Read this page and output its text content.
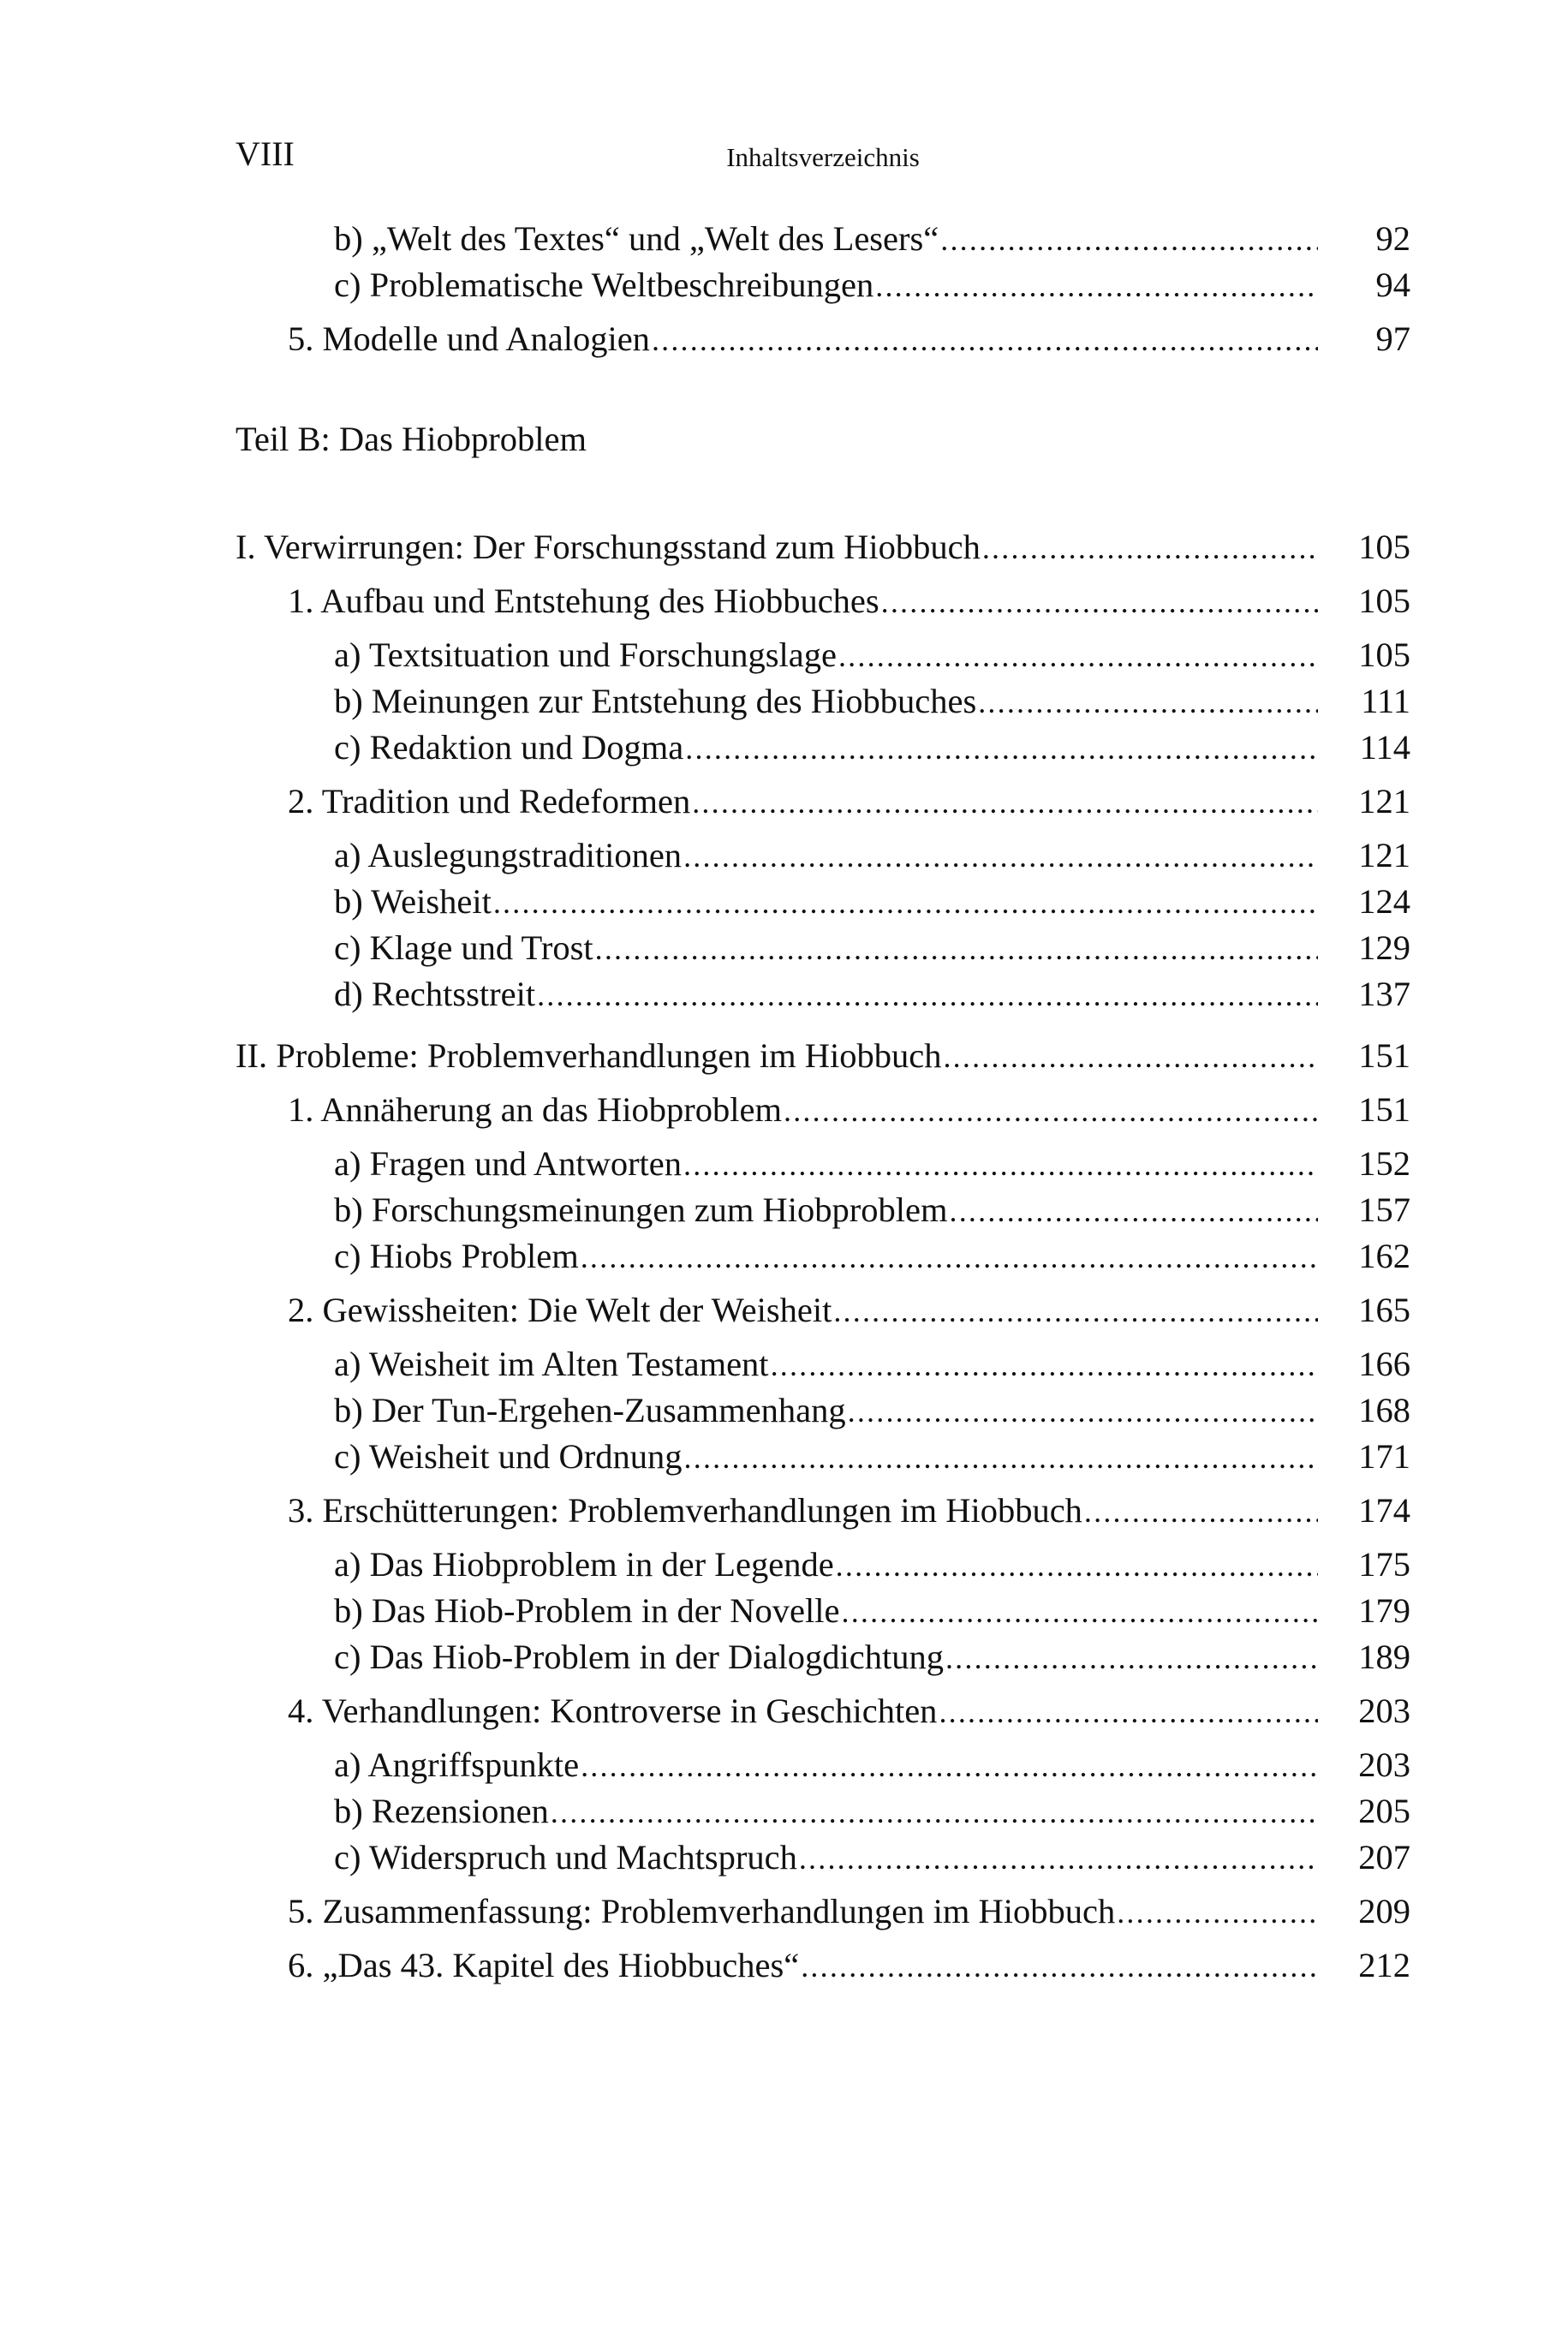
VIII	Inhaltsverzeichnis
b) „Welt des Textes“ und „Welt des Lesers“ .....	92
c) Problematische Weltbeschreibungen .....	94
5. Modelle und Analogien .....	97
Teil B: Das Hiobproblem
I. Verwirrungen: Der Forschungsstand zum Hiobbuch .....	105
1. Aufbau und Entstehung des Hiobbuches .....	105
a) Textsituation und Forschungslage .....	105
b) Meinungen zur Entstehung des Hiobbuches .....	111
c) Redaktion und Dogma .....	114
2. Tradition und Redeformen .....	121
a) Auslegungstraditionen .....	121
b) Weisheit .....	124
c) Klage und Trost .....	129
d) Rechtsstreit .....	137
II. Probleme: Problemverhandlungen im Hiobbuch .....	151
1. Annäherung an das Hiobproblem .....	151
a) Fragen und Antworten .....	152
b) Forschungsmeinungen zum Hiobproblem .....	157
c) Hiobs Problem .....	162
2. Gewissheiten: Die Welt der Weisheit .....	165
a) Weisheit im Alten Testament .....	166
b) Der Tun-Ergehen-Zusammenhang .....	168
c) Weisheit und Ordnung .....	171
3. Erschütterungen: Problemverhandlungen im Hiobbuch .....	174
a) Das Hiobproblem in der Legende .....	175
b) Das Hiob-Problem in der Novelle .....	179
c) Das Hiob-Problem in der Dialogdichtung .....	189
4. Verhandlungen: Kontroverse in Geschichten .....	203
a) Angriffspunkte .....	203
b) Rezensionen .....	205
c) Widerspruch und Machtspruch .....	207
5. Zusammenfassung: Problemverhandlungen im Hiobbuch .....	209
6. „Das 43. Kapitel des Hiobbuches“ .....	212
